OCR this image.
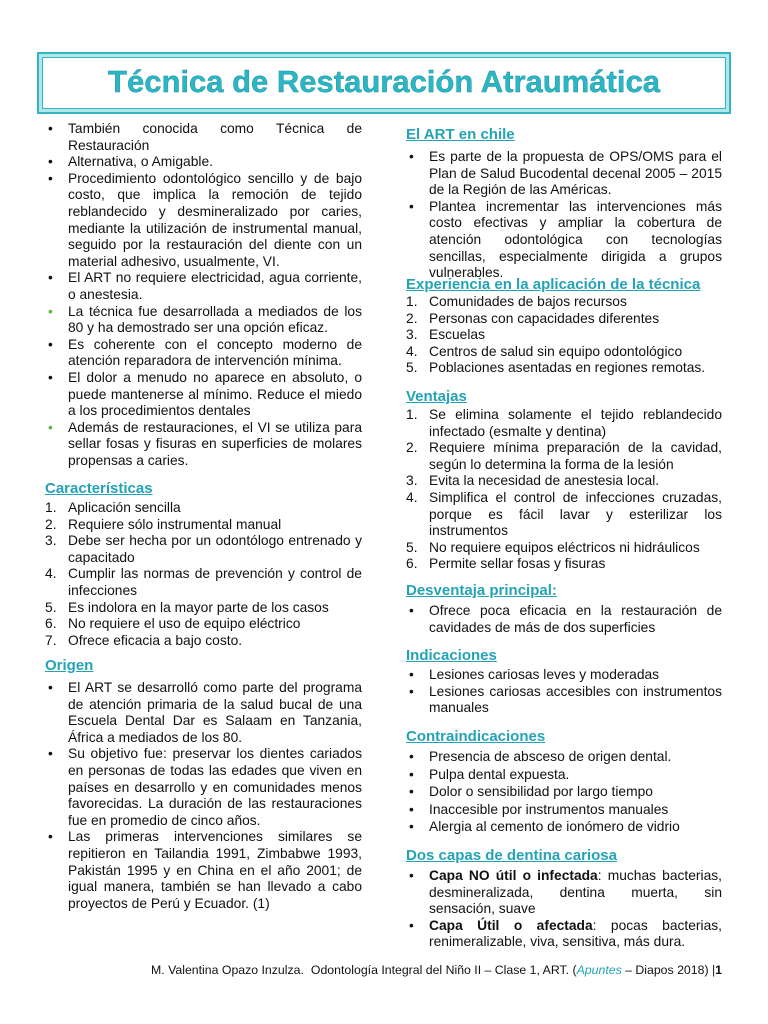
Técnica de Restauración Atraumática
• También conocida como Técnica de Restauración
• Alternativa, o Amigable.
• Procedimiento odontológico sencillo y de bajo costo, que implica la remoción de tejido reblandecido y desmineralizado por caries, mediante la utilización de instrumental manual, seguido por la restauración del diente con un material adhesivo, usualmente, VI.
• El ART no requiere electricidad, agua corriente, o anestesia.
• La técnica fue desarrollada a mediados de los 80 y ha demostrado ser una opción eficaz.
• Es coherente con el concepto moderno de atención reparadora de intervención mínima.
• El dolor a menudo no aparece en absoluto, o puede mantenerse al mínimo. Reduce el miedo a los procedimientos dentales
• Además de restauraciones, el VI se utiliza para sellar fosas y fisuras en superficies de molares propensas a caries.
Características
Aplicación sencilla
Requiere sólo instrumental manual
Debe ser hecha por un odontólogo entrenado y capacitado
Cumplir las normas de prevención y control de infecciones
Es indolora en la mayor parte de los casos
No requiere el uso de equipo eléctrico
Ofrece eficacia a bajo costo.
Origen
• El ART se desarrolló como parte del programa de atención primaria de la salud bucal de una Escuela Dental Dar es Salaam en Tanzania, África a mediados de los 80.
• Su objetivo fue: preservar los dientes cariados en personas de todas las edades que viven en países en desarrollo y en comunidades menos favorecidas. La duración de las restauraciones fue en promedio de cinco años.
• Las primeras intervenciones similares se repitieron en Tailandia 1991, Zimbabwe 1993, Pakistán 1995 y en China en el año 2001; de igual manera, también se han llevado a cabo proyectos de Perú y Ecuador. (1)
El ART en chile
• Es parte de la propuesta de OPS/OMS para el Plan de Salud Bucodental decenal 2005 – 2015 de la Región de las Américas.
• Plantea incrementar las intervenciones más costo efectivas y ampliar la cobertura de atención odontológica con tecnologías sencillas, especialmente dirigida a grupos vulnerables.
Experiencia en la aplicación de la técnica
Comunidades de bajos recursos
Personas con capacidades diferentes
Escuelas
Centros de salud sin equipo odontológico
Poblaciones asentadas en regiones remotas.
Ventajas
Se elimina solamente el tejido reblandecido infectado (esmalte y dentina)
Requiere mínima preparación de la cavidad, según lo determina la forma de la lesión
Evita la necesidad de anestesia local.
Simplifica el control de infecciones cruzadas, porque es fácil lavar y esterilizar los instrumentos
No requiere equipos eléctricos ni hidráulicos
Permite sellar fosas y fisuras
Desventaja principal:
• Ofrece poca eficacia en la restauración de cavidades de más de dos superficies
Indicaciones
• Lesiones cariosas leves y moderadas
• Lesiones cariosas accesibles con instrumentos manuales
Contraindicaciones
• Presencia de absceso de origen dental.
• Pulpa dental expuesta.
• Dolor o sensibilidad por largo tiempo
• Inaccesible por instrumentos manuales
• Alergia al cemento de ionómero de vidrio
Dos capas de dentina cariosa
• Capa NO útil o infectada: muchas bacterias, desmineralizada, dentina muerta, sin sensación, suave
• Capa Útil o afectada: pocas bacterias, renimeralizable, viva, sensitiva, más dura.
M. Valentina Opazo Inzulza. Odontología Integral del Niño II – Clase 1, ART. (Apuntes – Diapos 2018) |1
